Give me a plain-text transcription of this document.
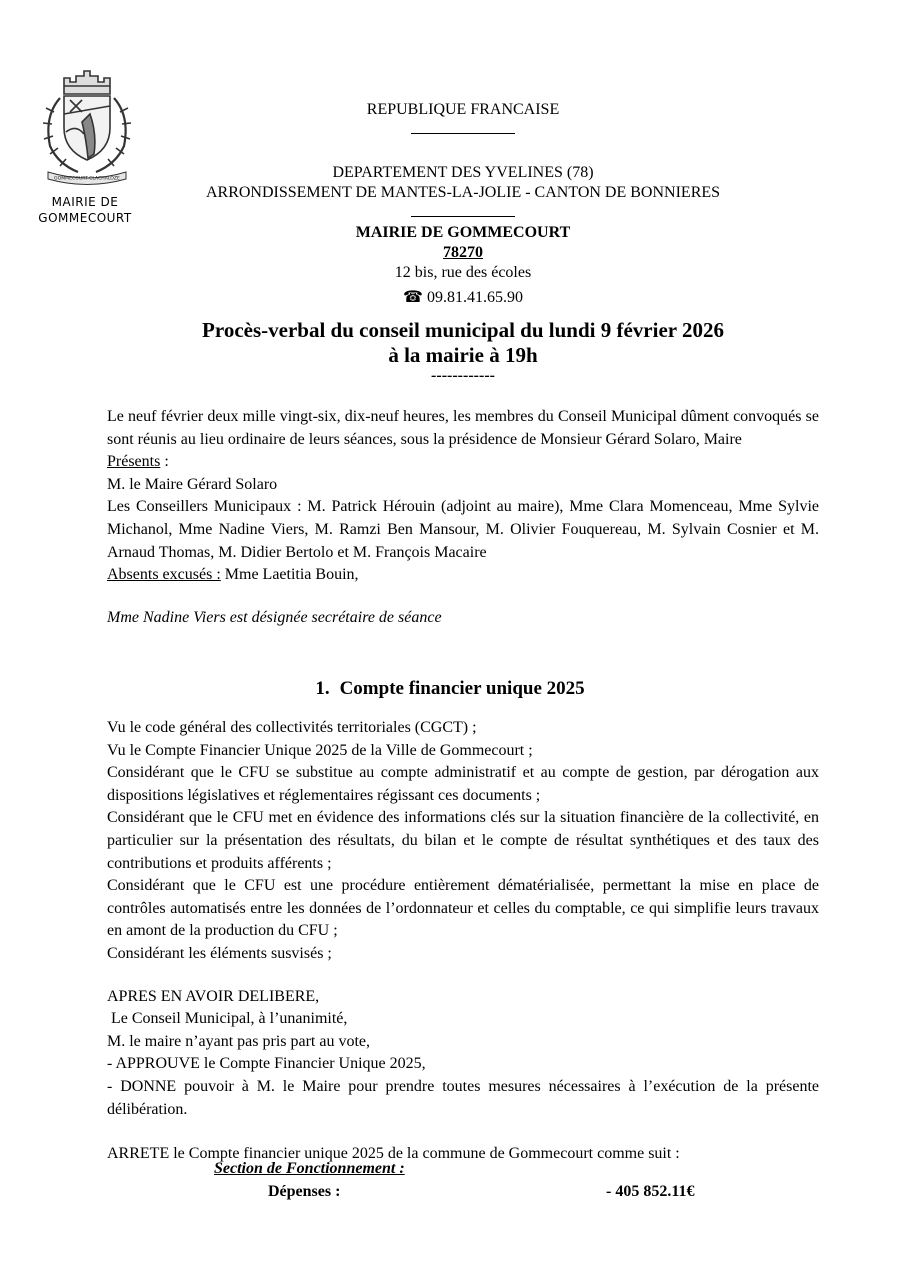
GOMMECOURT-CLACHALOZE
MAIRIE DE
GOMMECOURT
REPUBLIQUE FRANCAISE
DEPARTEMENT DES YVELINES (78)
ARRONDISSEMENT DE MANTES-LA-JOLIE - CANTON DE BONNIERES
MAIRIE DE GOMMECOURT
78270
12 bis, rue des écoles
☎ 09.81.41.65.90
Procès-verbal du conseil municipal du lundi 9 février 2026
à la mairie à 19h
------------
Le neuf février deux mille vingt-six, dix-neuf heures, les membres du Conseil Municipal dûment convoqués se sont réunis au lieu ordinaire de leurs séances, sous la présidence de Monsieur Gérard Solaro, Maire
Présents :
M. le Maire Gérard Solaro
Les Conseillers Municipaux : M. Patrick Hérouin (adjoint au maire), Mme Clara Momenceau, Mme Sylvie Michanol, Mme Nadine Viers, M. Ramzi Ben Mansour, M. Olivier Fouquereau, M. Sylvain Cosnier et M. Arnaud Thomas, M. Didier Bertolo et M. François Macaire
Absents excusés : Mme Laetitia Bouin,
Mme Nadine Viers est désignée secrétaire de séance
1. Compte financier unique 2025
Vu le code général des collectivités territoriales (CGCT) ;
Vu le Compte Financier Unique 2025 de la Ville de Gommecourt ;
Considérant que le CFU se substitue au compte administratif et au compte de gestion, par dérogation aux dispositions législatives et réglementaires régissant ces documents ;
Considérant que le CFU met en évidence des informations clés sur la situation financière de la collectivité, en particulier sur la présentation des résultats, du bilan et le compte de résultat synthétiques et des taux des contributions et produits afférents ;
Considérant que le CFU est une procédure entièrement dématérialisée, permettant la mise en place de contrôles automatisés entre les données de l’ordonnateur et celles du comptable, ce qui simplifie leurs travaux en amont de la production du CFU ;
Considérant les éléments susvisés ;
APRES EN AVOIR DELIBERE,
Le Conseil Municipal, à l’unanimité,
M. le maire n’ayant pas pris part au vote,
- APPROUVE le Compte Financier Unique 2025,
- DONNE pouvoir à M. le Maire pour prendre toutes mesures nécessaires à l’exécution de la présente délibération.
ARRETE le Compte financier unique 2025 de la commune de Gommecourt comme suit :
Section de Fonctionnement :
Dépenses :	- 405 852.11€
